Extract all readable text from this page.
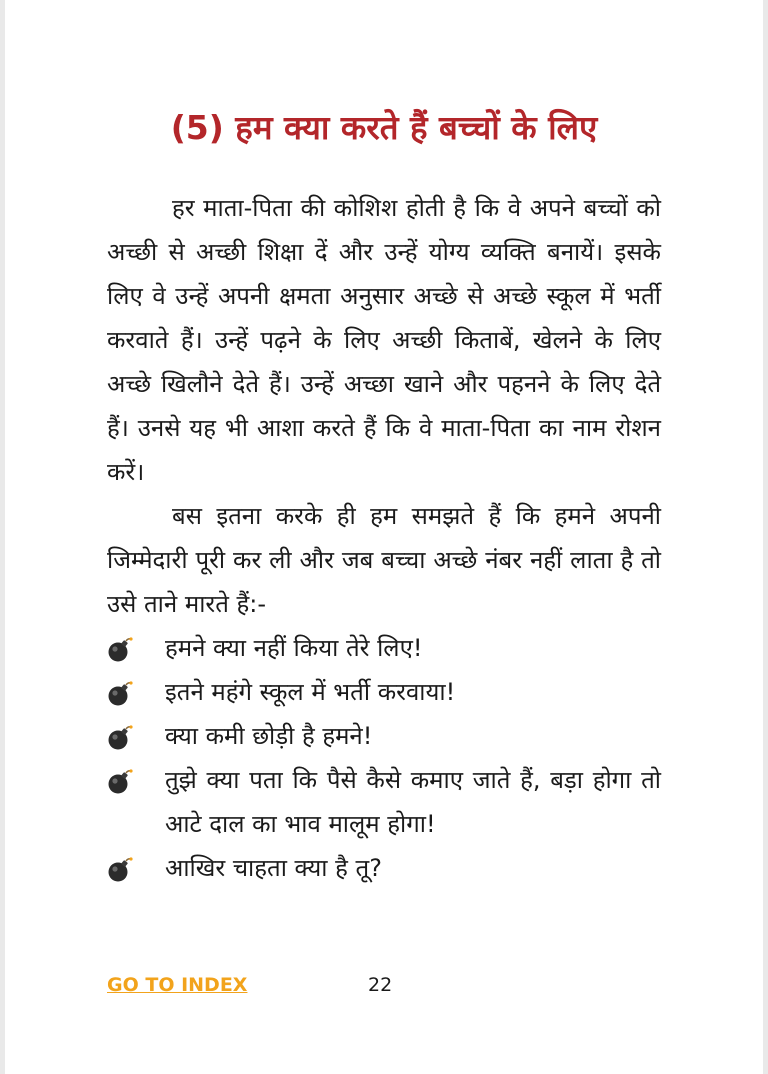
(5) हम क्या करते हैं बच्चों के लिए

हर माता-पिता की कोशिश होती है कि वे अपने बच्चों को अच्छी से अच्छी शिक्षा दें और उन्हें योग्य व्यक्ति बनायें। इसके लिए वे उन्हें अपनी क्षमता अनुसार अच्छे से अच्छे स्कूल में भर्ती करवाते हैं। उन्हें पढ़ने के लिए अच्छी किताबें, खेलने के लिए अच्छे खिलौने देते हैं। उन्हें अच्छा खाने और पहनने के लिए देते हैं। उनसे यह भी आशा करते हैं कि वे माता-पिता का नाम रोशन करें।

बस इतना करके ही हम समझते हैं कि हमने अपनी जिम्मेदारी पूरी कर ली और जब बच्चा अच्छे नंबर नहीं लाता है तो उसे ताने मारते हैं:-

हमने क्या नहीं किया तेरे लिए!
इतने महंगे स्कूल में भर्ती करवाया!
क्या कमी छोड़ी है हमने!
तुझे क्या पता कि पैसे कैसे कमाए जाते हैं, बड़ा होगा तो आटे दाल का भाव मालूम होगा!
आखिर चाहता क्या है तू?
GO TO INDEX	22
